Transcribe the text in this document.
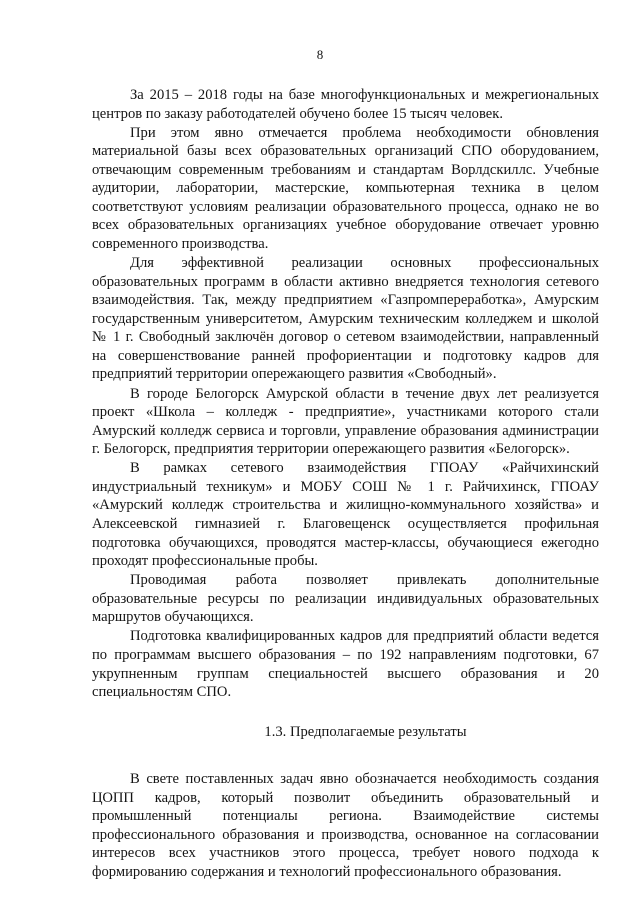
8

За 2015 – 2018 годы на базе многофункциональных и межрегиональных центров по заказу работодателей обучено более 15 тысяч человек.

При этом явно отмечается проблема необходимости обновления материальной базы всех образовательных организаций СПО оборудованием, отвечающим современным требованиям и стандартам Ворлдскиллс. Учебные аудитории, лаборатории, мастерские, компьютерная техника в целом соответствуют условиям реализации образовательного процесса, однако не во всех образовательных организациях учебное оборудование отвечает уровню современного производства.

Для эффективной реализации основных профессиональных образовательных программ в области активно внедряется технология сетевого взаимодействия. Так, между предприятием «Газпромпереработка», Амурским государственным университетом, Амурским техническим колледжем и школой № 1 г. Свободный заключён договор о сетевом взаимодействии, направленный на совершенствование ранней профориентации и подготовку кадров для предприятий территории опережающего развития «Свободный».

В городе Белогорск Амурской области в течение двух лет реализуется проект «Школа – колледж - предприятие», участниками которого стали Амурский колледж сервиса и торговли, управление образования администрации г. Белогорск, предприятия территории опережающего развития «Белогорск».

В рамках сетевого взаимодействия ГПОАУ «Райчихинский индустриальный техникум» и МОБУ СОШ № 1 г. Райчихинск, ГПОАУ «Амурский колледж строительства и жилищно-коммунального хозяйства» и Алексеевской гимназией г. Благовещенск осуществляется профильная подготовка обучающихся, проводятся мастер-классы, обучающиеся ежегодно проходят профессиональные пробы.

Проводимая работа позволяет привлекать дополнительные образовательные ресурсы по реализации индивидуальных образовательных маршрутов обучающихся.

Подготовка квалифицированных кадров для предприятий области ведется по программам высшего образования – по 192 направлениям подготовки, 67 укрупненным группам специальностей высшего образования и 20 специальностям СПО.

1.3. Предполагаемые результаты

В свете поставленных задач явно обозначается необходимость создания ЦОПП кадров, который позволит объединить образовательный и промышленный потенциалы региона. Взаимодействие системы профессионального образования и производства, основанное на согласовании интересов всех участников этого процесса, требует нового подхода к формированию содержания и технологий профессионального образования.
